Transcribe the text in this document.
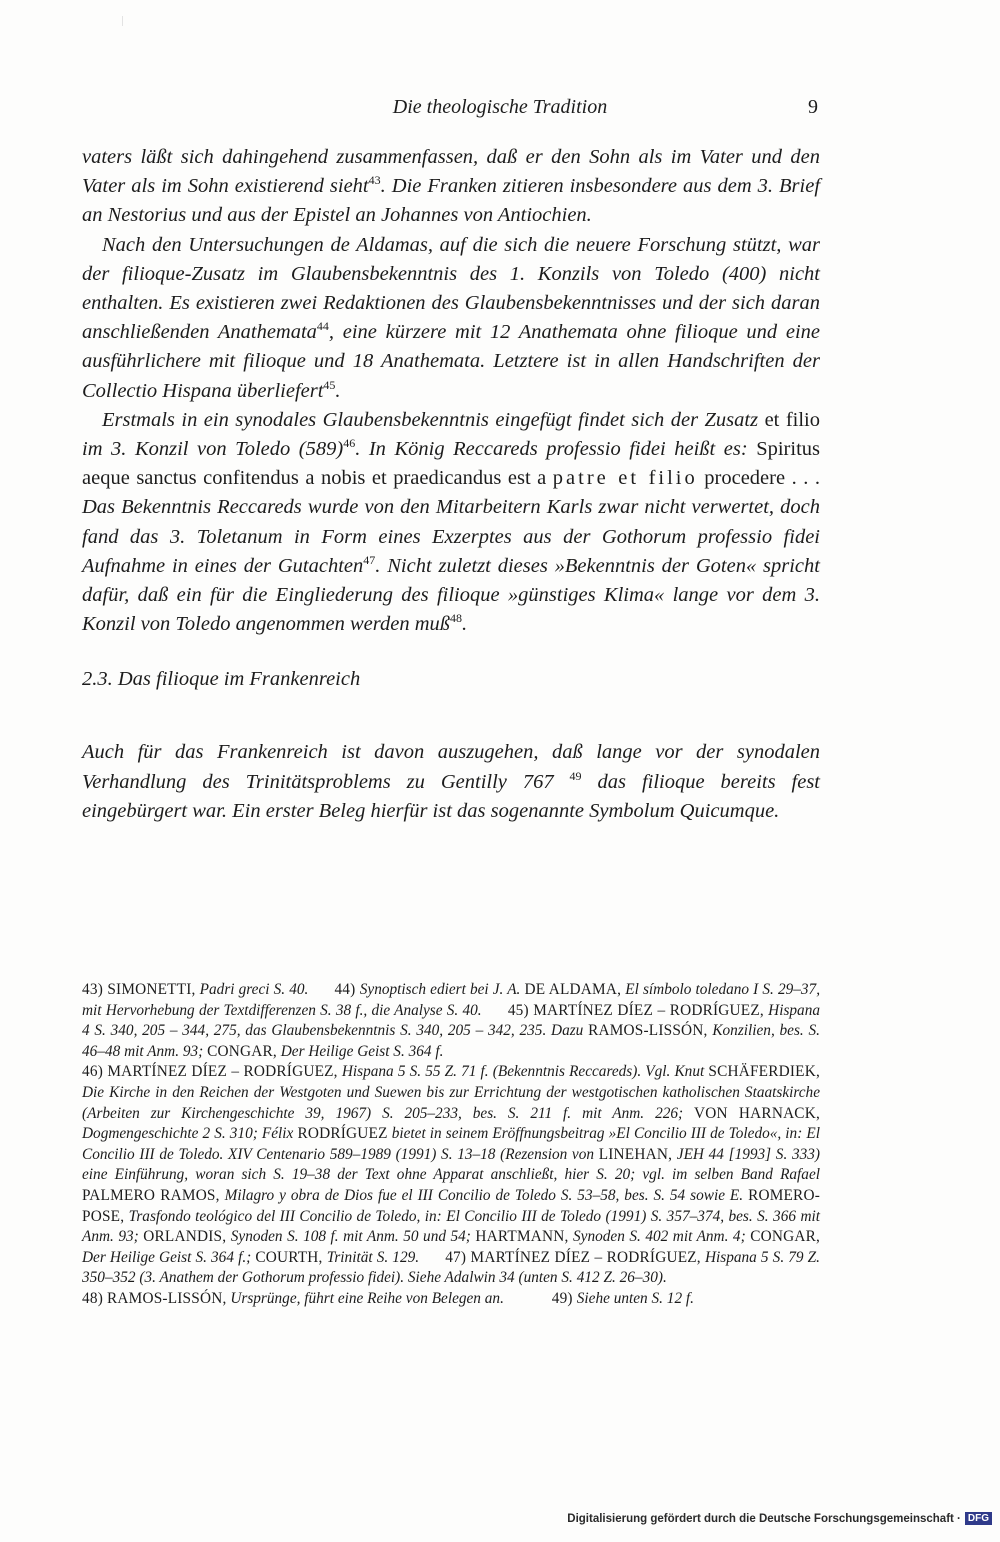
Die theologische Tradition	9

vaters läßt sich dahingehend zusammenfassen, daß er den Sohn als im Vater und den Vater als im Sohn existierend sieht$^{43}$. Die Franken zitieren insbesondere aus dem 3. Brief an Nestorius und aus der Epistel an Johannes von Antiochien.

Nach den Untersuchungen de Aldamas, auf die sich die neuere Forschung stützt, war der filioque-Zusatz im Glaubensbekenntnis des 1. Konzils von Toledo (400) nicht enthalten. Es existieren zwei Redaktionen des Glaubensbekenntnisses und der sich daran anschließenden Anathemata$^{44}$, eine kürzere mit 12 Anathemata ohne filioque und eine ausführlichere mit filioque und 18 Anathemata. Letztere ist in allen Handschriften der Collectio Hispana überliefert$^{45}$.

Erstmals in ein synodales Glaubensbekenntnis eingefügt findet sich der Zusatz et filio im 3. Konzil von Toledo $(589)^{46}$. In König Reccareds professio fidei heißt es: Spiritus aeque sanctus confitendus a nobis et praedicandus est a patre et filio procedere . . . Das Bekenntnis Reccareds wurde von den Mitarbeitern Karls zwar nicht verwertet, doch fand das 3. Toletanum in Form eines Exzerptes aus der Gothorum professio fidei Aufnahme in eines der Gutachten$^{47}$. Nicht zuletzt dieses »Bekenntnis der Goten« spricht dafür, daß ein für die Eingliederung des filioque »günstiges Klima« lange vor dem 3. Konzil von Toledo angenommen werden muß$^{48}$.

2.3. Das filioque im Frankenreich

Auch für das Frankenreich ist davon auszugehen, daß lange vor der synodalen Verhandlung des Trinitätsproblems zu Gentilly 767 $^{49}$ das filioque bereits fest eingebürgert war. Ein erster Beleg hierfür ist das sogenannte Symbolum Quicumque.

43) SIMONETTI, Padri greci S. 40. 44) Synoptisch ediert bei J. A. DE ALDAMA, El símbolo toledano I S. 29–37, mit Hervorhebung der Textdifferenzen S. 38 f., die Analyse S. 40. 45) MARTÍNEZ DÍEZ – RODRÍGUEZ, Hispana 4 S. 340, 205 – 344, 275, das Glaubensbekenntnis S. 340, 205 – 342, 235. Dazu RAMOS-LISSÓN, Konzilien, bes. S. 46–48 mit Anm. 93; CONGAR, Der Heilige Geist S. 364 f.
46) MARTÍNEZ DÍEZ – RODRÍGUEZ, Hispana 5 S. 55 Z. 71 f. (Bekenntnis Reccareds). Vgl. Knut SCHÄFERDIEK, Die Kirche in den Reichen der Westgoten und Suewen bis zur Errichtung der westgotischen katholischen Staatskirche (Arbeiten zur Kirchengeschichte 39, 1967) S. 205–233, bes. S. 211 f. mit Anm. 226; VON HARNACK, Dogmengeschichte 2 S. 310; Félix RODRÍGUEZ bietet in seinem Eröffnungsbeitrag »El Concilio III de Toledo«, in: El Concilio III de Toledo. XIV Centenario 589–1989 (1991) S. 13–18 (Rezension von LINEHAN, JEH 44 [1993] S. 333) eine Einführung, woran sich S. 19–38 der Text ohne Apparat anschließt, hier S. 20; vgl. im selben Band Rafael PALMERO RAMOS, Milagro y obra de Dios fue el III Concilio de Toledo S. 53–58, bes. S. 54 sowie E. ROMERO-POSE, Trasfondo teológico del III Concilio de Toledo, in: El Concilio III de Toledo (1991) S. 357–374, bes. S. 366 mit Anm. 93; ORLANDIS, Synoden S. 108 f. mit Anm. 50 und 54; HARTMANN, Synoden S. 402 mit Anm. 4; CONGAR, Der Heilige Geist S. 364 f.; COURTH, Trinität S. 129. 47) MARTÍNEZ DÍEZ – RODRÍGUEZ, Hispana 5 S. 79 Z. 350–352 (3. Anathem der Gothorum professio fidei). Siehe Adalwin 34 (unten S. 412 Z. 26–30).
48) RAMOS-LISSÓN, Ursprünge, führt eine Reihe von Belegen an.	49) Siehe unten S. 12 f.

Digitalisierung gefördert durch die Deutsche Forschungsgemeinschaft · DFG
